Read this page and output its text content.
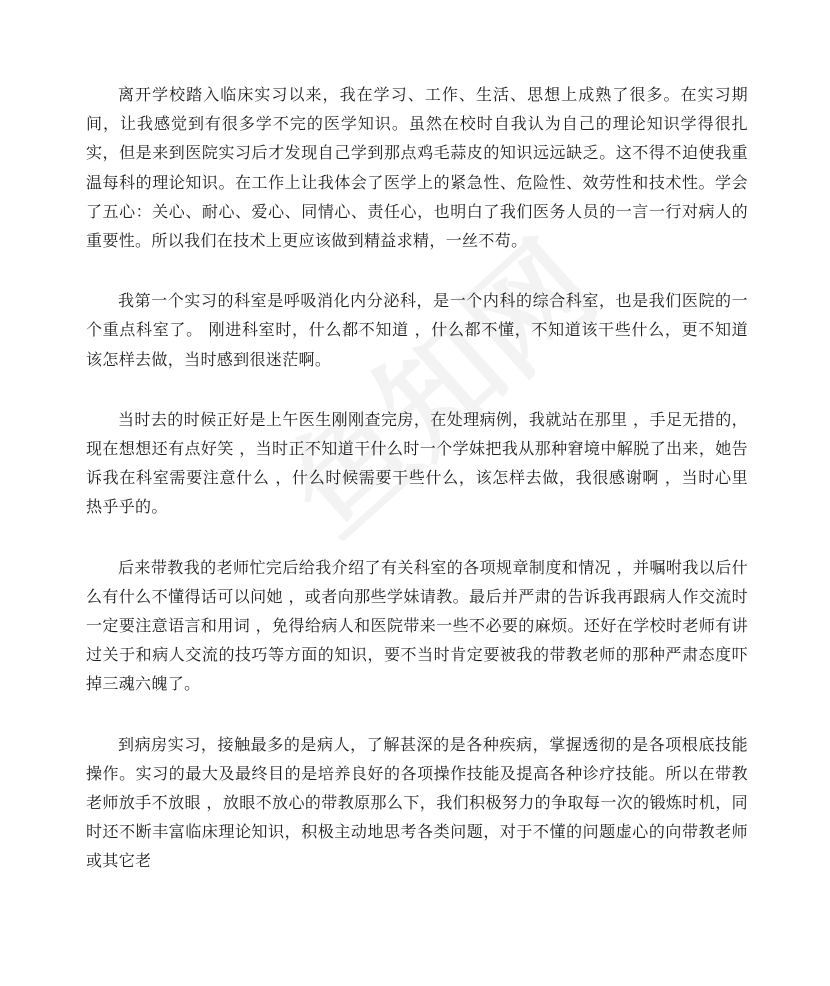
离开学校踏入临床实习以来，我在学习、工作、生活、思想上成熟了很多。在实习期间，让我感觉到有很多学不完的医学知识。虽然在校时自我认为自己的理论知识学得很扎实，但是来到医院实习后才发现自己学到那点鸡毛蒜皮的知识远远缺乏。这不得不迫使我重温每科的理论知识。在工作上让我体会了医学上的紧急性、危险性、效劳性和技术性。学会了五心：关心、耐心、爱心、同情心、责任心，也明白了我们医务人员的一言一行对病人的重要性。所以我们在技术上更应该做到精益求精，一丝不苟。

我第一个实习的科室是呼吸消化内分泌科，是一个内科的综合科室，也是我们医院的一个重点科室了。 刚进科室时，什么都不知道 ，什么都不懂，不知道该干些什么，更不知道该怎样去做，当时感到很迷茫啊。

当时去的时候正好是上午医生刚刚查完房，在处理病例，我就站在那里 ，手足无措的，现在想想还有点好笑 ，当时正不知道干什么时一个学妹把我从那种窘境中解脱了出来，她告诉我在科室需要注意什么 ，什么时候需要干些什么，该怎样去做，我很感谢啊 ，当时心里热乎乎的。

后来带教我的老师忙完后给我介绍了有关科室的各项规章制度和情况 ，并嘱咐我以后什么有什么不懂得话可以问她 ，或者向那些学妹请教。最后并严肃的告诉我再跟病人作交流时一定要注意语言和用词 ，免得给病人和医院带来一些不必要的麻烦。还好在学校时老师有讲过关于和病人交流的技巧等方面的知识，要不当时肯定要被我的带教老师的那种严肃态度吓掉三魂六魄了。

到病房实习，接触最多的是病人，了解甚深的是各种疾病，掌握透彻的是各项根底技能操作。实习的最大及最终目的是培养良好的各项操作技能及提高各种诊疗技能。所以在带教老师放手不放眼 ，放眼不放心的带教原那么下，我们积极努力的争取每一次的锻炼时机，同时还不断丰富临床理论知识，积极主动地思考各类问题，对于不懂的问题虚心的向带教老师或其它老
